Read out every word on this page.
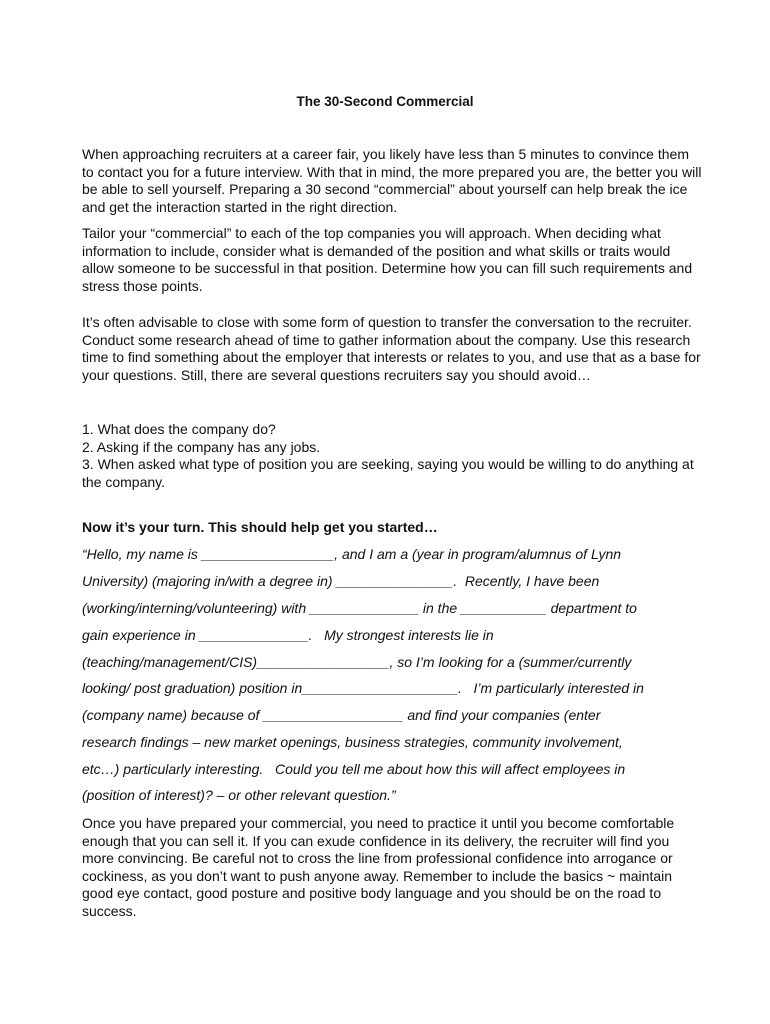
The 30-Second Commercial

When approaching recruiters at a career fair, you likely have less than 5 minutes to convince them to contact you for a future interview. With that in mind, the more prepared you are, the better you will be able to sell yourself. Preparing a 30 second “commercial” about yourself can help break the ice and get the interaction started in the right direction.

Tailor your “commercial” to each of the top companies you will approach. When deciding what information to include, consider what is demanded of the position and what skills or traits would allow someone to be successful in that position. Determine how you can fill such requirements and stress those points.

It’s often advisable to close with some form of question to transfer the conversation to the recruiter. Conduct some research ahead of time to gather information about the company. Use this research time to find something about the employer that interests or relates to you, and use that as a base for your questions. Still, there are several questions recruiters say you should avoid…

1. What does the company do?
2. Asking if the company has any jobs.
3. When asked what type of position you are seeking, saying you would be willing to do anything at the company.
Now it’s your turn. This should help get you started…
“Hello, my name is _________________, and I am a (year in program/alumnus of Lynn
University) (majoring in/with a degree in) _______________.  Recently, I have been
(working/interning/volunteering) with ______________ in the ___________ department to
gain experience in ______________.   My strongest interests lie in
(teaching/management/CIS)_________________, so I’m looking for a (summer/currently
looking/ post graduation) position in____________________.   I’m particularly interested in
(company name) because of __________________ and find your companies (enter
research findings – new market openings, business strategies, community involvement,
etc…) particularly interesting.   Could you tell me about how this will affect employees in
(position of interest)? – or other relevant question.”

Once you have prepared your commercial, you need to practice it until you become comfortable enough that you can sell it. If you can exude confidence in its delivery, the recruiter will find you more convincing. Be careful not to cross the line from professional confidence into arrogance or cockiness, as you don’t want to push anyone away. Remember to include the basics ~ maintain good eye contact, good posture and positive body language and you should be on the road to success.
